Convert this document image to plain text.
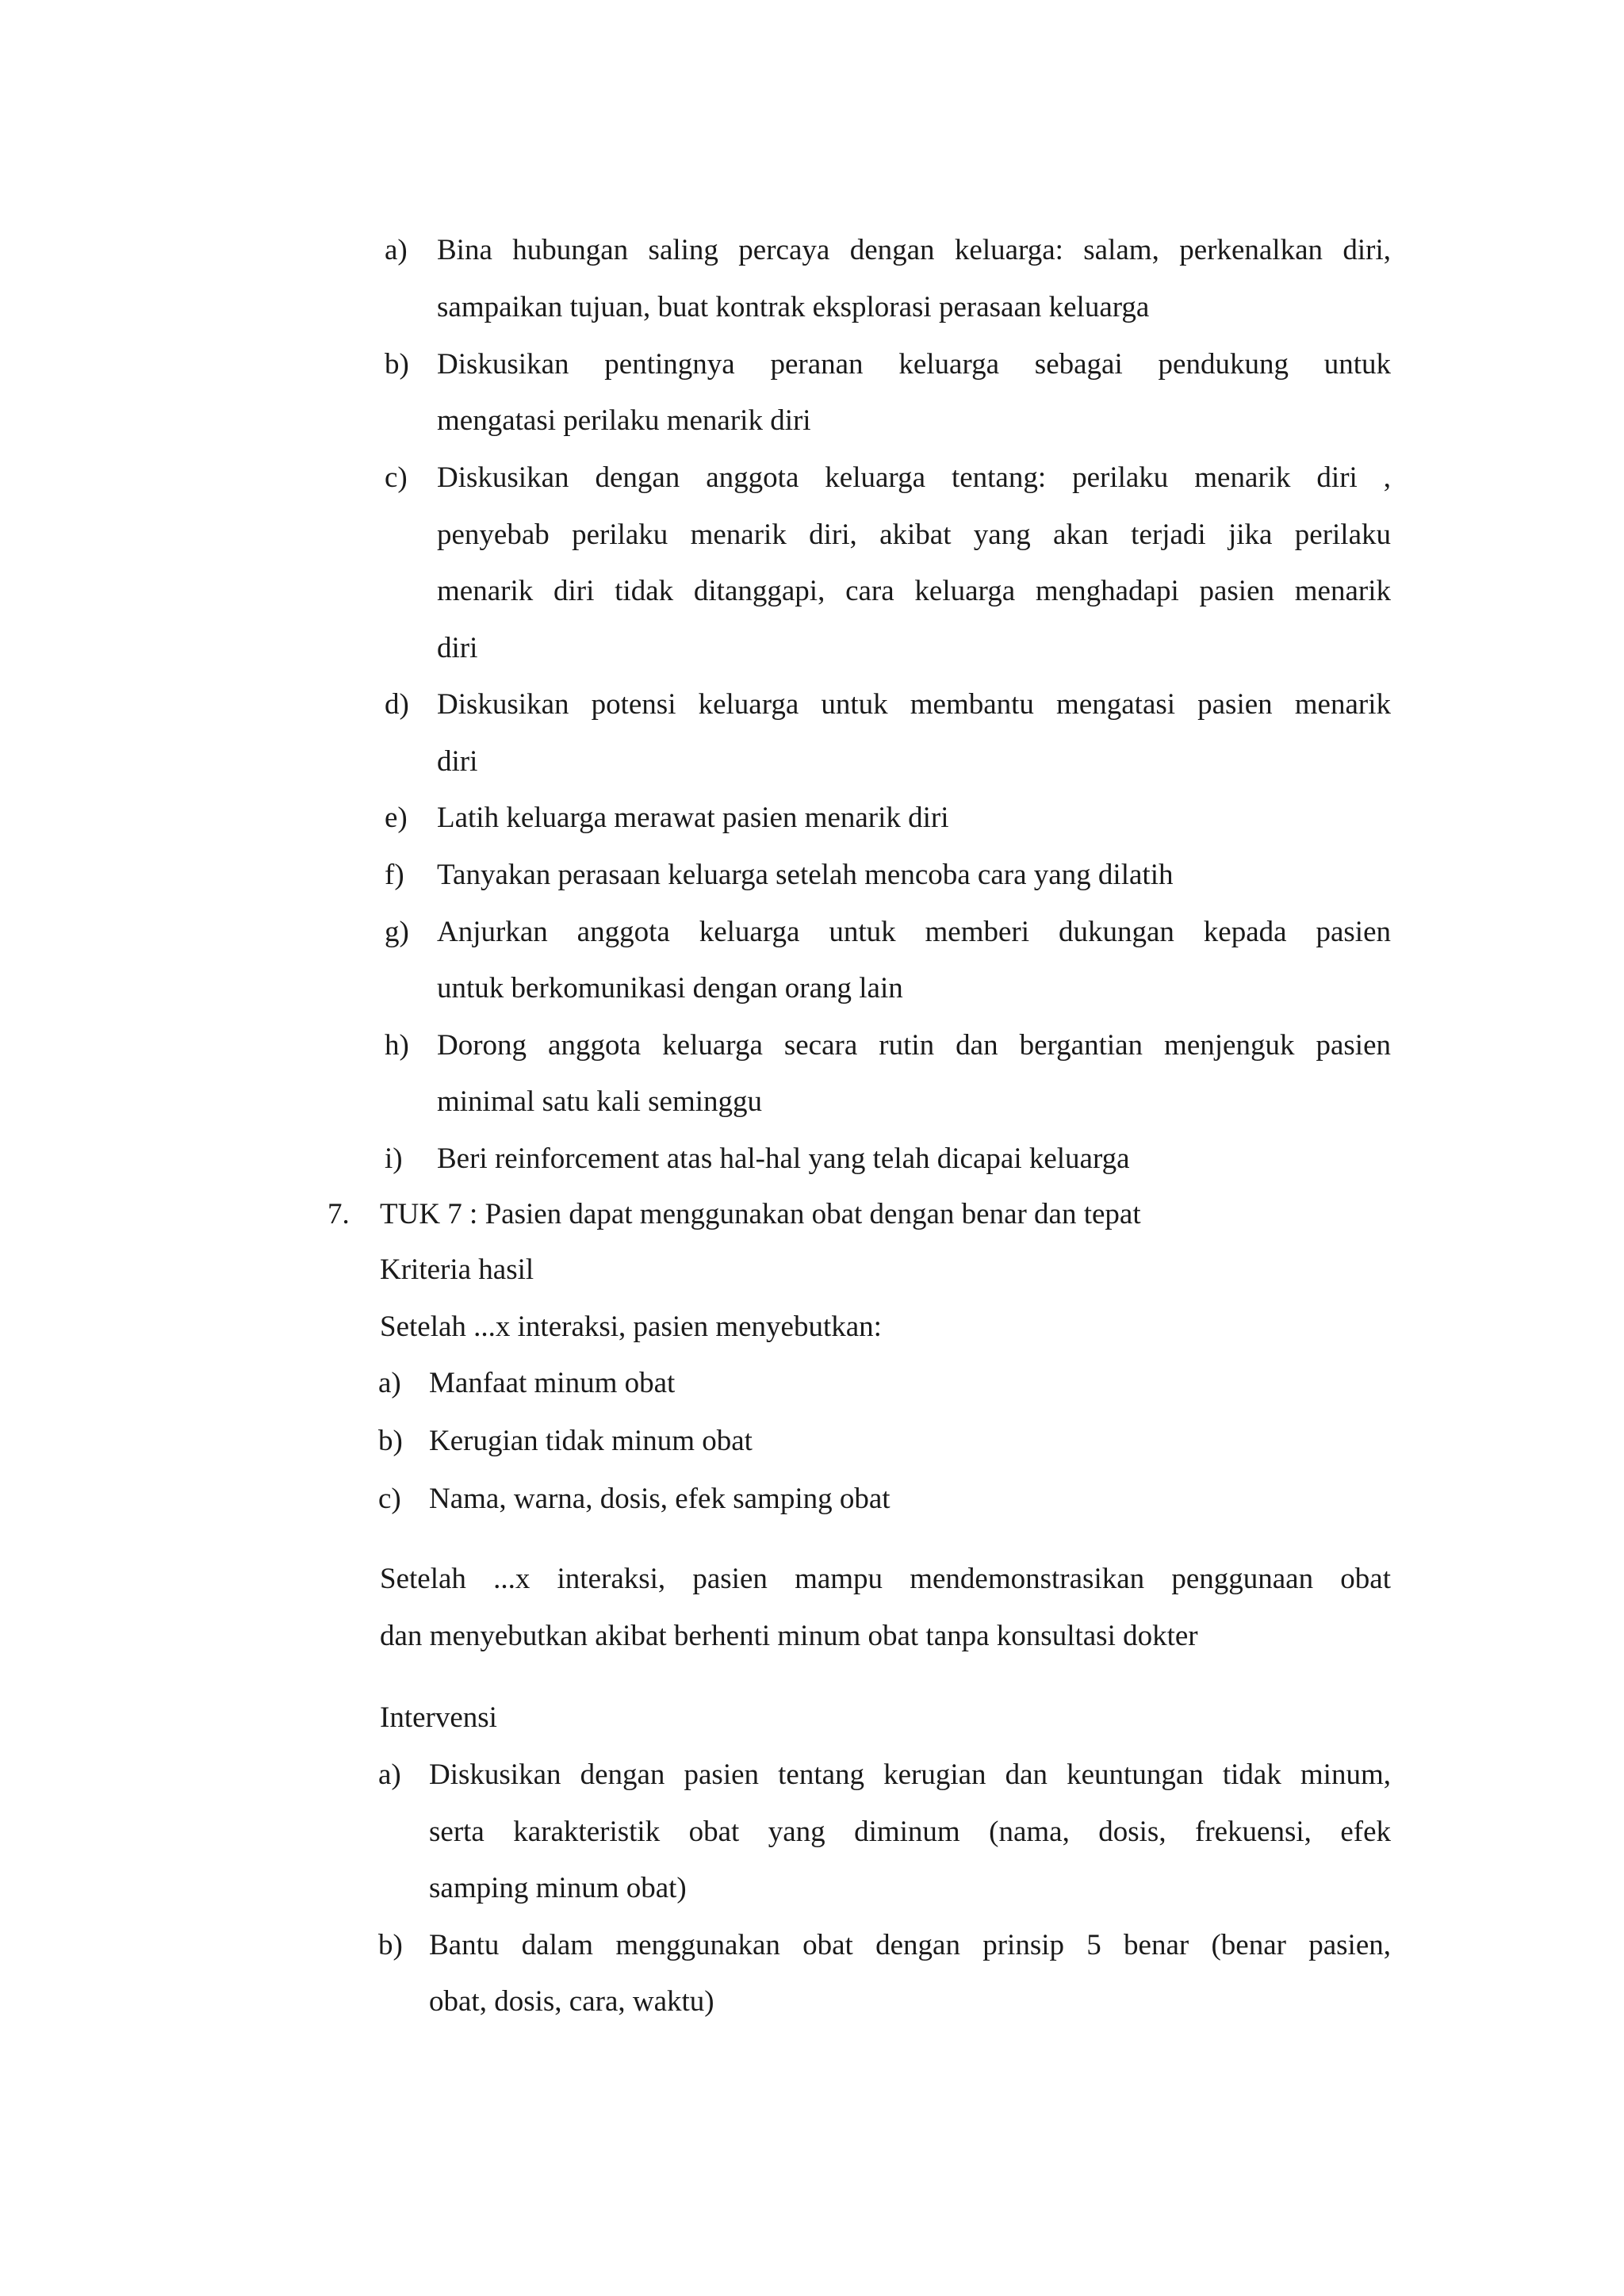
a) Bina hubungan saling percaya dengan keluarga: salam, perkenalkan diri,
sampaikan tujuan, buat kontrak eksplorasi perasaan keluarga
b) Diskusikan pentingnya peranan keluarga sebagai pendukung untuk
mengatasi perilaku menarik diri
c) Diskusikan dengan anggota keluarga tentang: perilaku menarik diri ,
penyebab perilaku menarik diri, akibat yang akan terjadi jika perilaku
menarik diri tidak ditanggapi, cara keluarga menghadapi pasien menarik
diri
d) Diskusikan potensi keluarga untuk membantu mengatasi pasien menarik
diri
e) Latih keluarga merawat pasien menarik diri
f) Tanyakan perasaan keluarga setelah mencoba cara yang dilatih
g) Anjurkan anggota keluarga untuk memberi dukungan kepada pasien
untuk berkomunikasi dengan orang lain
h) Dorong anggota keluarga secara rutin dan bergantian menjenguk pasien
minimal satu kali seminggu
i) Beri reinforcement atas hal-hal yang telah dicapai keluarga
7. TUK 7 : Pasien dapat menggunakan obat dengan benar dan tepat
Kriteria hasil
Setelah ...x interaksi, pasien menyebutkan:
a) Manfaat minum obat
b) Kerugian tidak minum obat
c) Nama, warna, dosis, efek samping obat
Setelah ...x interaksi, pasien mampu mendemonstrasikan penggunaan obat
dan menyebutkan akibat berhenti minum obat tanpa konsultasi dokter
Intervensi
a) Diskusikan dengan pasien tentang kerugian dan keuntungan tidak minum,
serta karakteristik obat yang diminum (nama, dosis, frekuensi, efek
samping minum obat)
b) Bantu dalam menggunakan obat dengan prinsip 5 benar (benar pasien,
obat, dosis, cara, waktu)
